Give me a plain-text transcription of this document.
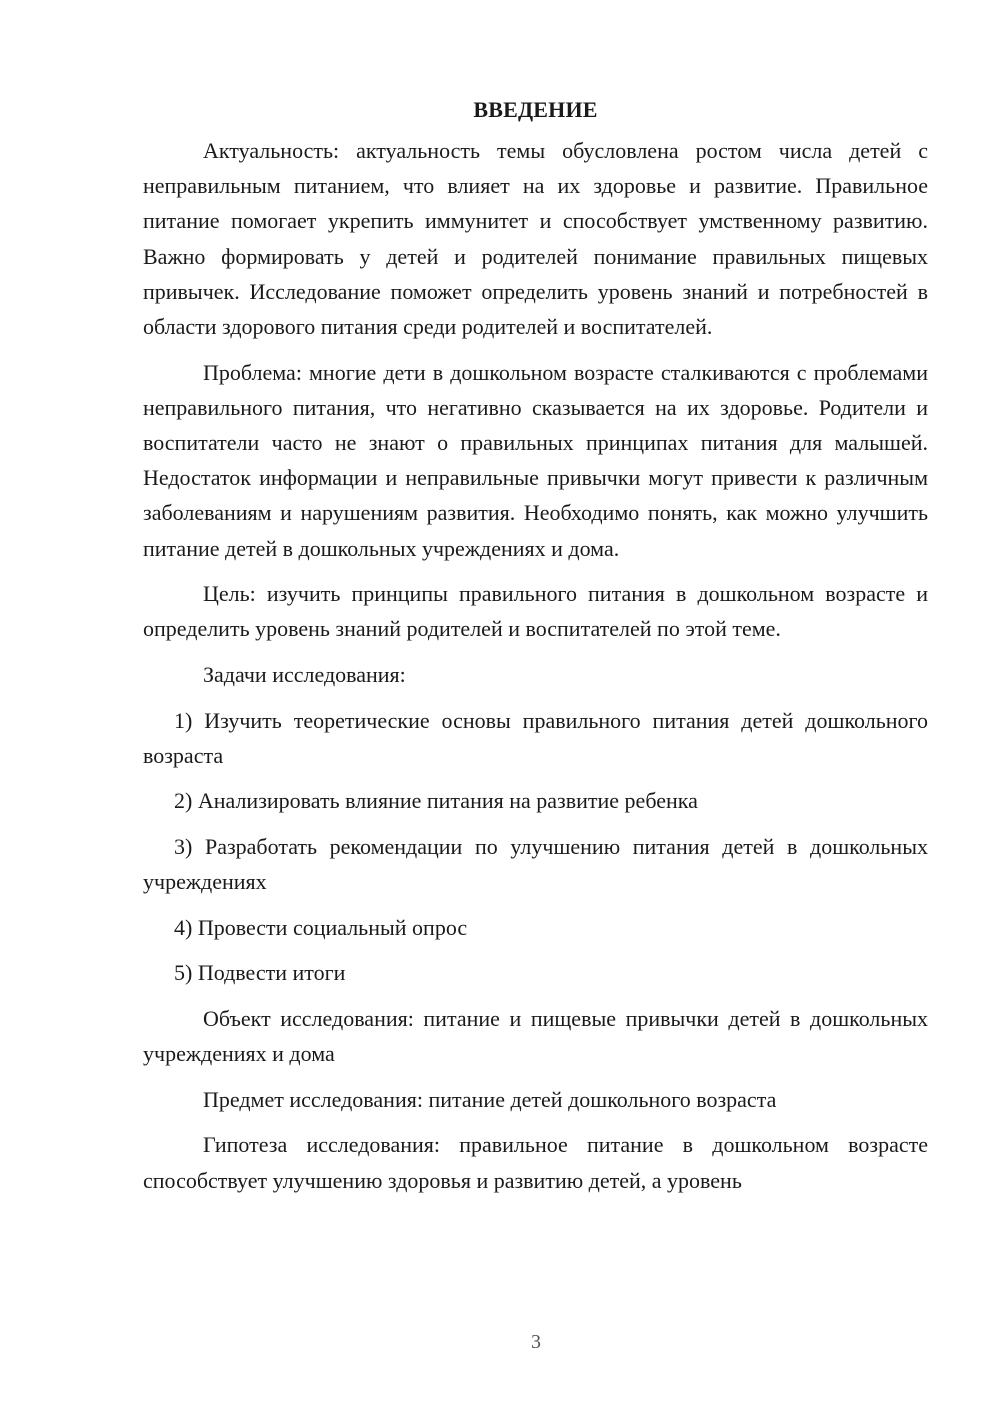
ВВЕДЕНИЕ

Актуальность: актуальность темы обусловлена ростом числа детей с неправильным питанием, что влияет на их здоровье и развитие. Правильное питание помогает укрепить иммунитет и способствует умственному развитию. Важно формировать у детей и родителей понимание правильных пищевых привычек. Исследование поможет определить уровень знаний и потребностей в области здорового питания среди родителей и воспитателей.

Проблема: многие дети в дошкольном возрасте сталкиваются с проблемами неправильного питания, что негативно сказывается на их здоровье. Родители и воспитатели часто не знают о правильных принципах питания для малышей. Недостаток информации и неправильные привычки могут привести к различным заболеваниям и нарушениям развития. Необходимо понять, как можно улучшить питание детей в дошкольных учреждениях и дома.

Цель: изучить принципы правильного питания в дошкольном возрасте и определить уровень знаний родителей и воспитателей по этой теме.

Задачи исследования:

1) Изучить теоретические основы правильного питания детей дошкольного возраста

2) Анализировать влияние питания на развитие ребенка

3) Разработать рекомендации по улучшению питания детей в дошкольных учреждениях

4) Провести социальный опрос

5) Подвести итоги

Объект исследования: питание и пищевые привычки детей в дошкольных учреждениях и дома

Предмет исследования: питание детей дошкольного возраста

Гипотеза исследования: правильное питание в дошкольном возрасте способствует улучшению здоровья и развитию детей, а уровень

3
